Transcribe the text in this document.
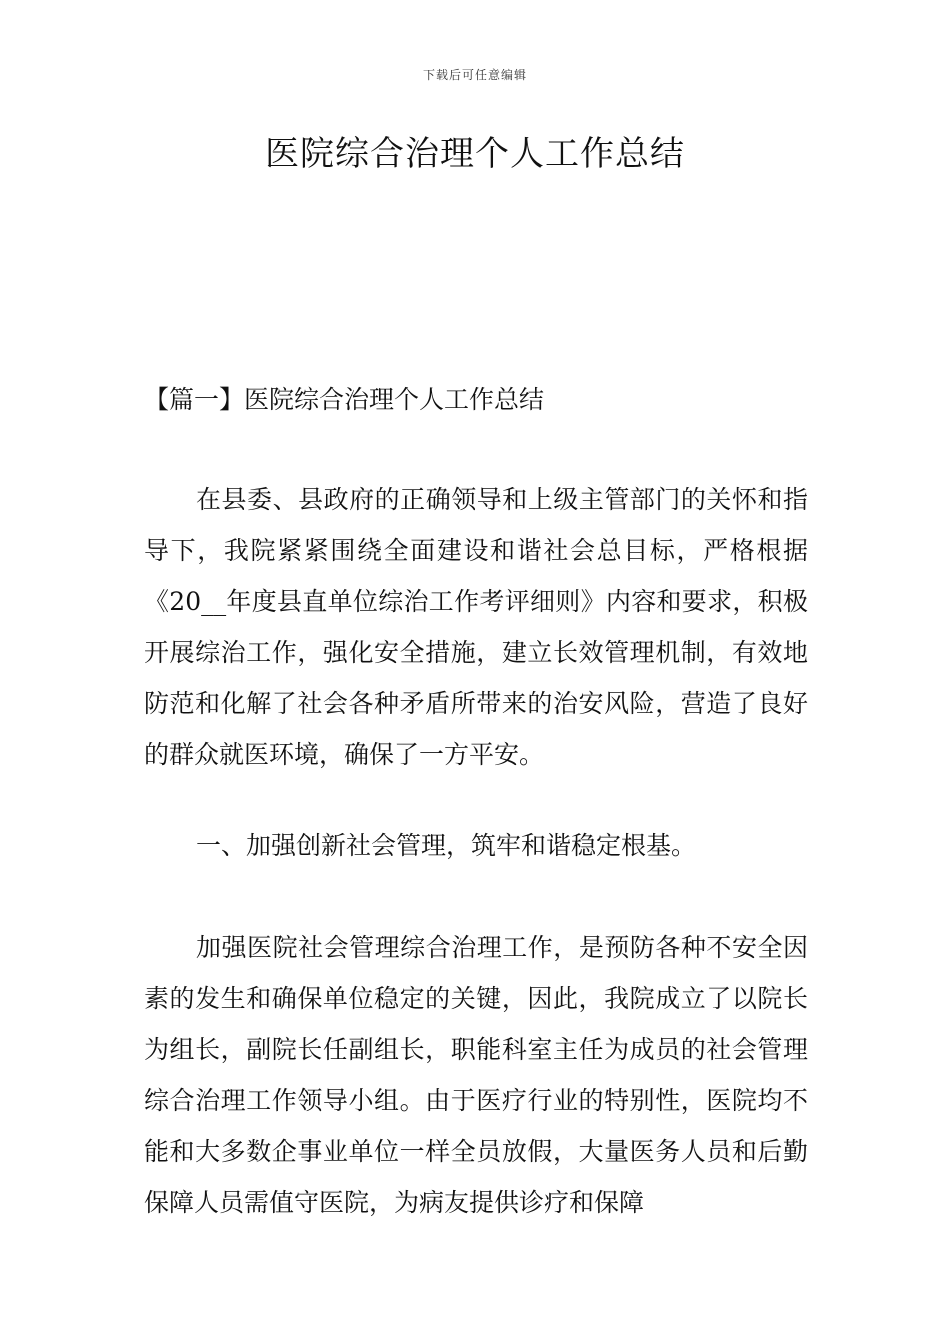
下载后可任意编辑
医院综合治理个人工作总结
【篇一】医院综合治理个人工作总结

在县委、县政府的正确领导和上级主管部门的关怀和指导下，我院紧紧围绕全面建设和谐社会总目标，严格根据《20__年度县直单位综治工作考评细则》内容和要求，积极开展综治工作，强化安全措施，建立长效管理机制，有效地防范和化解了社会各种矛盾所带来的治安风险，营造了良好的群众就医环境，确保了一方平安。

一、加强创新社会管理，筑牢和谐稳定根基。

加强医院社会管理综合治理工作，是预防各种不安全因素的发生和确保单位稳定的关键，因此，我院成立了以院长为组长，副院长任副组长，职能科室主任为成员的社会管理综合治理工作领导小组。由于医疗行业的特别性，医院均不能和大多数企事业单位一样全员放假，大量医务人员和后勤保障人员需值守医院，为病友提供诊疗和保障
